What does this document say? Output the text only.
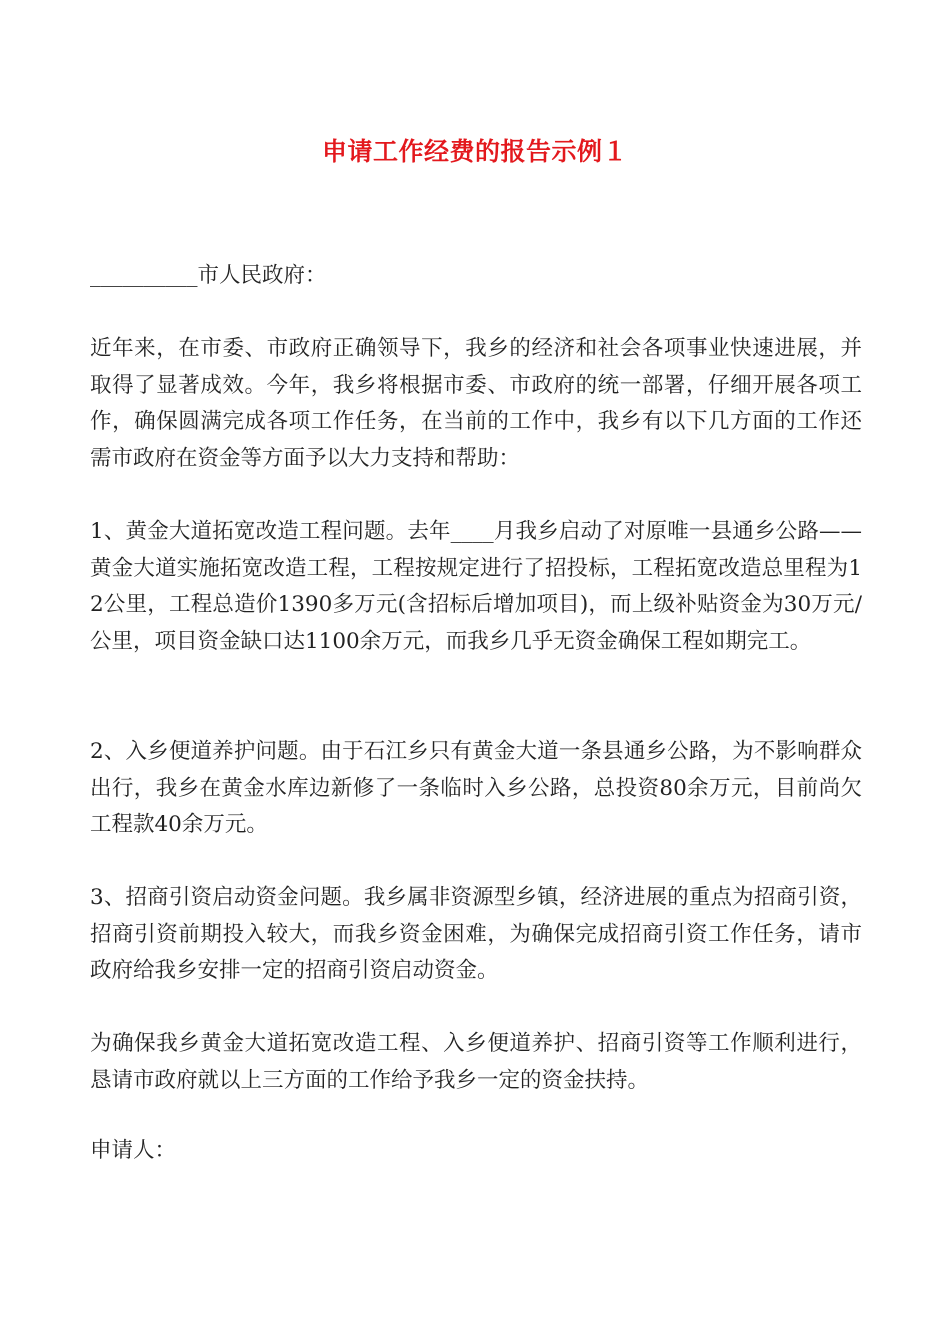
申请工作经费的报告示例１
__________市人民政府：
近年来，在市委、市政府正确领导下，我乡的经济和社会各项事业快速进展，并取得了显著成效。今年，我乡将根据市委、市政府的统一部署，仔细开展各项工作，确保圆满完成各项工作任务，在当前的工作中，我乡有以下几方面的工作还需市政府在资金等方面予以大力支持和帮助：
1、黄金大道拓宽改造工程问题。去年____月我乡启动了对原唯一县通乡公路——黄金大道实施拓宽改造工程，工程按规定进行了招投标，工程拓宽改造总里程为12公里，工程总造价1390多万元(含招标后增加项目)，而上级补贴资金为30万元/公里，项目资金缺口达1100余万元，而我乡几乎无资金确保工程如期完工。
2、入乡便道养护问题。由于石江乡只有黄金大道一条县通乡公路，为不影响群众出行，我乡在黄金水库边新修了一条临时入乡公路，总投资80余万元，目前尚欠工程款40余万元。
3、招商引资启动资金问题。我乡属非资源型乡镇，经济进展的重点为招商引资，招商引资前期投入较大，而我乡资金困难，为确保完成招商引资工作任务，请市政府给我乡安排一定的招商引资启动资金。
为确保我乡黄金大道拓宽改造工程、入乡便道养护、招商引资等工作顺利进行，恳请市政府就以上三方面的工作给予我乡一定的资金扶持。
申请人：
